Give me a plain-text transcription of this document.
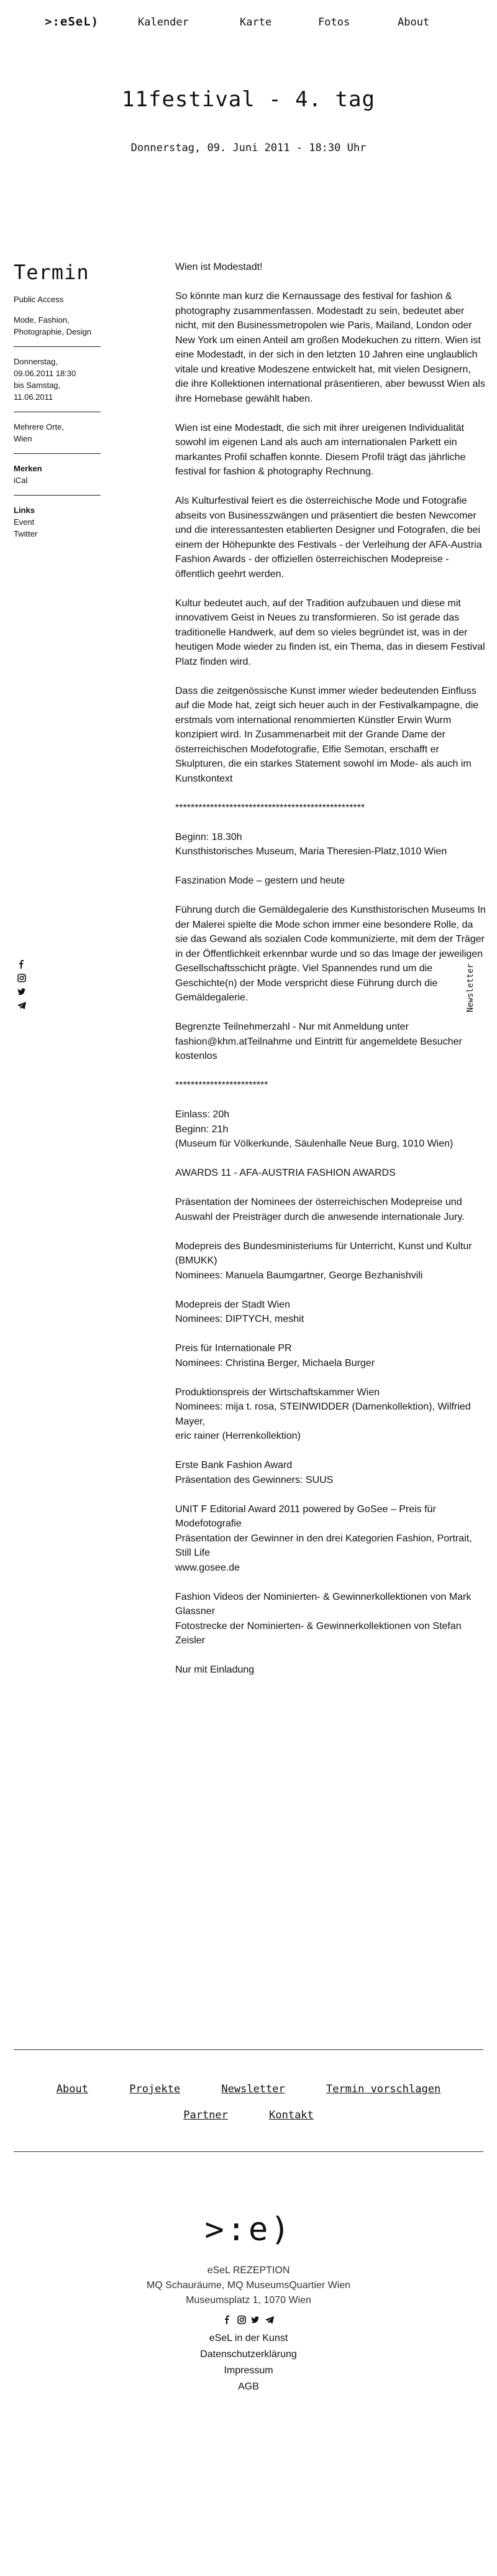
>:eSeL)	Kalender	Karte	Fotos	About
11festival - 4. tag
Donnerstag, 09. Juni 2011 - 18:30 Uhr
Termin
Public Access
Mode, Fashion, Photographie, Design
Donnerstag,
09.06.2011 18:30
bis Samstag,
11.06.2011
Mehrere Orte,
Wien
Merken
iCal
Links
Event
Twitter
Newsletter

Wien ist Modestadt!

So könnte man kurz die Kernaussage des festival for fashion & photography zusammenfassen. Modestadt zu sein, bedeutet aber nicht, mit den Businessmetropolen wie Paris, Mailand, London oder New York um einen Anteil am großen Modekuchen zu rittern. Wien ist eine Modestadt, in der sich in den letzten 10 Jahren eine unglaublich vitale und kreative Modeszene entwickelt hat, mit vielen Designern, die ihre Kollektionen international präsentieren, aber bewusst Wien als ihre Homebase gewählt haben.

Wien ist eine Modestadt, die sich mit ihrer ureigenen Individualität sowohl im eigenen Land als auch am internationalen Parkett ein markantes Profil schaffen konnte. Diesem Profil trägt das jährliche festival for fashion & photography Rechnung.

Als Kulturfestival feiert es die österreichische Mode und Fotografie abseits von Businesszwängen und präsentiert die besten Newcomer und die interessantesten etablierten Designer und Fotografen, die bei einem der Höhepunkte des Festivals - der Verleihung der AFA-Austria Fashion Awards - der offiziellen österreichischen Modepreise - öffentlich geehrt werden.

Kultur bedeutet auch, auf der Tradition aufzubauen und diese mit innovativem Geist in Neues zu transformieren. So ist gerade das traditionelle Handwerk, auf dem so vieles begründet ist, was in der heutigen Mode wieder zu finden ist, ein Thema, das in diesem Festival Platz finden wird.

Dass die zeitgenössische Kunst immer wieder bedeutenden Einfluss auf die Mode hat, zeigt sich heuer auch in der Festivalkampagne, die erstmals vom international renommierten Künstler Erwin Wurm konzipiert wird. In Zusammenarbeit mit der Grande Dame der österreichischen Modefotografie, Elfie Semotan, erschafft er Skulpturen, die ein starkes Statement sowohl im Mode- als auch im Kunstkontext

*************************************************

Beginn: 18.30h
Kunsthistorisches Museum, Maria Theresien-Platz,1010 Wien

Faszination Mode – gestern und heute

Führung durch die Gemäldegalerie des Kunsthistorischen Museums In der Malerei spielte die Mode schon immer eine besondere Rolle, da sie das Gewand als sozialen Code kommunizierte, mit dem der Träger in der Öffentlichkeit erkennbar wurde und so das Image der jeweiligen Gesellschaftsschicht prägte. Viel Spannendes rund um die Geschichte(n) der Mode verspricht diese Führung durch die Gemäldegalerie.

Begrenzte Teilnehmerzahl - Nur mit Anmeldung unter fashion@khm.atTeilnahme und Eintritt für angemeldete Besucher kostenlos

************************

Einlass: 20h
Beginn: 21h
(Museum für Völkerkunde, Säulenhalle Neue Burg, 1010 Wien)

AWARDS 11 - AFA-AUSTRIA FASHION AWARDS

Präsentation der Nominees der österreichischen Modepreise und Auswahl der Preisträger durch die anwesende internationale Jury.

Modepreis des Bundesministeriums für Unterricht, Kunst und Kultur (BMUKK)
Nominees: Manuela Baumgartner, George Bezhanishvili

Modepreis der Stadt Wien
Nominees: DIPTYCH, meshit

Preis für Internationale PR
Nominees: Christina Berger, Michaela Burger

Produktionspreis der Wirtschaftskammer Wien
Nominees: mija t. rosa, STEINWIDDER (Damenkollektion), Wilfried Mayer,
eric rainer (Herrenkollektion)

Erste Bank Fashion Award
Präsentation des Gewinners: SUUS

UNIT F Editorial Award 2011 powered by GoSee – Preis für Modefotografie
Präsentation der Gewinner in den drei Kategorien Fashion, Portrait, Still Life
www.gosee.de

Fashion Videos der Nominierten- & Gewinnerkollektionen von Mark Glassner
Fotostrecke der Nominierten- & Gewinnerkollektionen von Stefan Zeisler

Nur mit Einladung

About	Projekte	Newsletter	Termin vorschlagen
Partner	Kontakt
>:e)
eSeL REZEPTION
MQ Schauräume, MQ MuseumsQuartier Wien
Museumsplatz 1, 1070 Wien

eSeL in der Kunst
Datenschutzerklärung
Impressum
AGB
